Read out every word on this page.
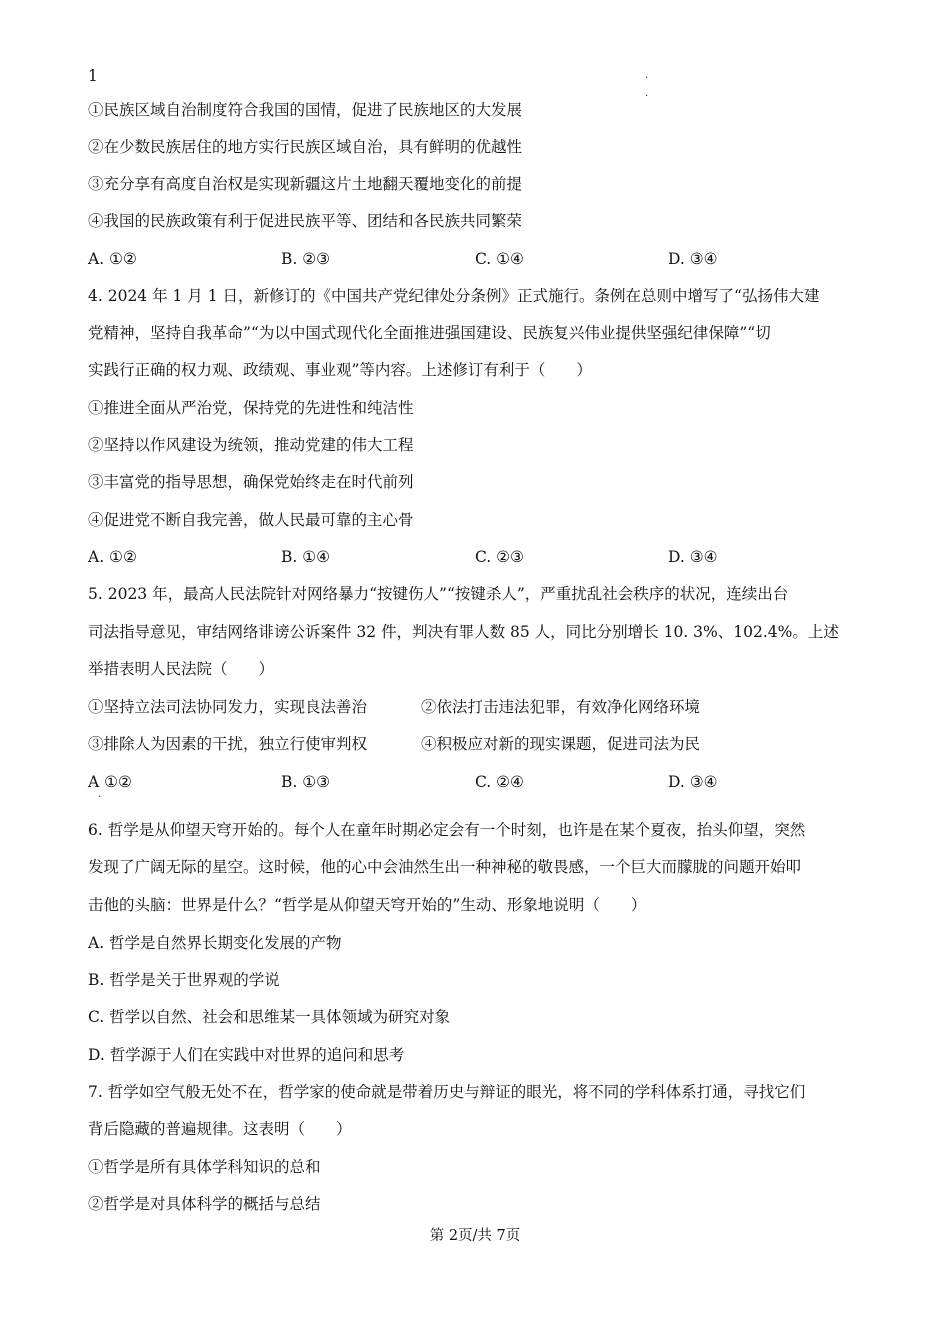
1	·
·
①民族区域自治制度符合我国的国情，促进了民族地区的大发展
②在少数民族居住的地方实行民族区域自治，具有鲜明的优越性
③充分享有高度自治权是实现新疆这片土地翻天覆地变化的前提
④我国的民族政策有利于促进民族平等、团结和各民族共同繁荣
A. ①②	B. ②③	C. ①④	D. ③④
4. 2024 年 1 月 1 日，新修订的《中国共产党纪律处分条例》正式施行。条例在总则中增写了“弘扬伟大建
党精神，坚持自我革命”“为以中国式现代化全面推进强国建设、民族复兴伟业提供坚强纪律保障”“切
实践行正确的权力观、政绩观、事业观”等内容。上述修订有利于（　　）
①推进全面从严治党，保持党的先进性和纯洁性
②坚持以作风建设为统领，推动党建的伟大工程
③丰富党的指导思想，确保党始终走在时代前列
④促进党不断自我完善，做人民最可靠的主心骨
A. ①②	B. ①④	C. ②③	D. ③④
5. 2023 年，最高人民法院针对网络暴力“按键伤人”“按键杀人”，严重扰乱社会秩序的状况，连续出台
司法指导意见，审结网络诽谤公诉案件 32 件，判决有罪人数 85 人，同比分别增长 10. 3%、102.4%。上述
举措表明人民法院（　　）
①坚持立法司法协同发力，实现良法善治	②依法打击违法犯罪，有效净化网络环境
③排除人为因素的干扰，独立行使审判权	④积极应对新的现实课题，促进司法为民
A ①②
·
B. ①③	C. ②④	D. ③④
6. 哲学是从仰望天穹开始的。每个人在童年时期必定会有一个时刻，也许是在某个夏夜，抬头仰望，突然
发现了广阔无际的星空。这时候，他的心中会油然生出一种神秘的敬畏感，一个巨大而朦胧的问题开始叩
击他的头脑：世界是什么？“哲学是从仰望天穹开始的”生动、形象地说明（　　）
A. 哲学是自然界长期变化发展的产物
B. 哲学是关于世界观的学说
C. 哲学以自然、社会和思维某一具体领域为研究对象
D. 哲学源于人们在实践中对世界的追问和思考
7. 哲学如空气般无处不在，哲学家的使命就是带着历史与辩证的眼光，将不同的学科体系打通，寻找它们
背后隐藏的普遍规律。这表明（　　）
①哲学是所有具体学科知识的总和
②哲学是对具体科学的概括与总结
第 2页/共 7页
